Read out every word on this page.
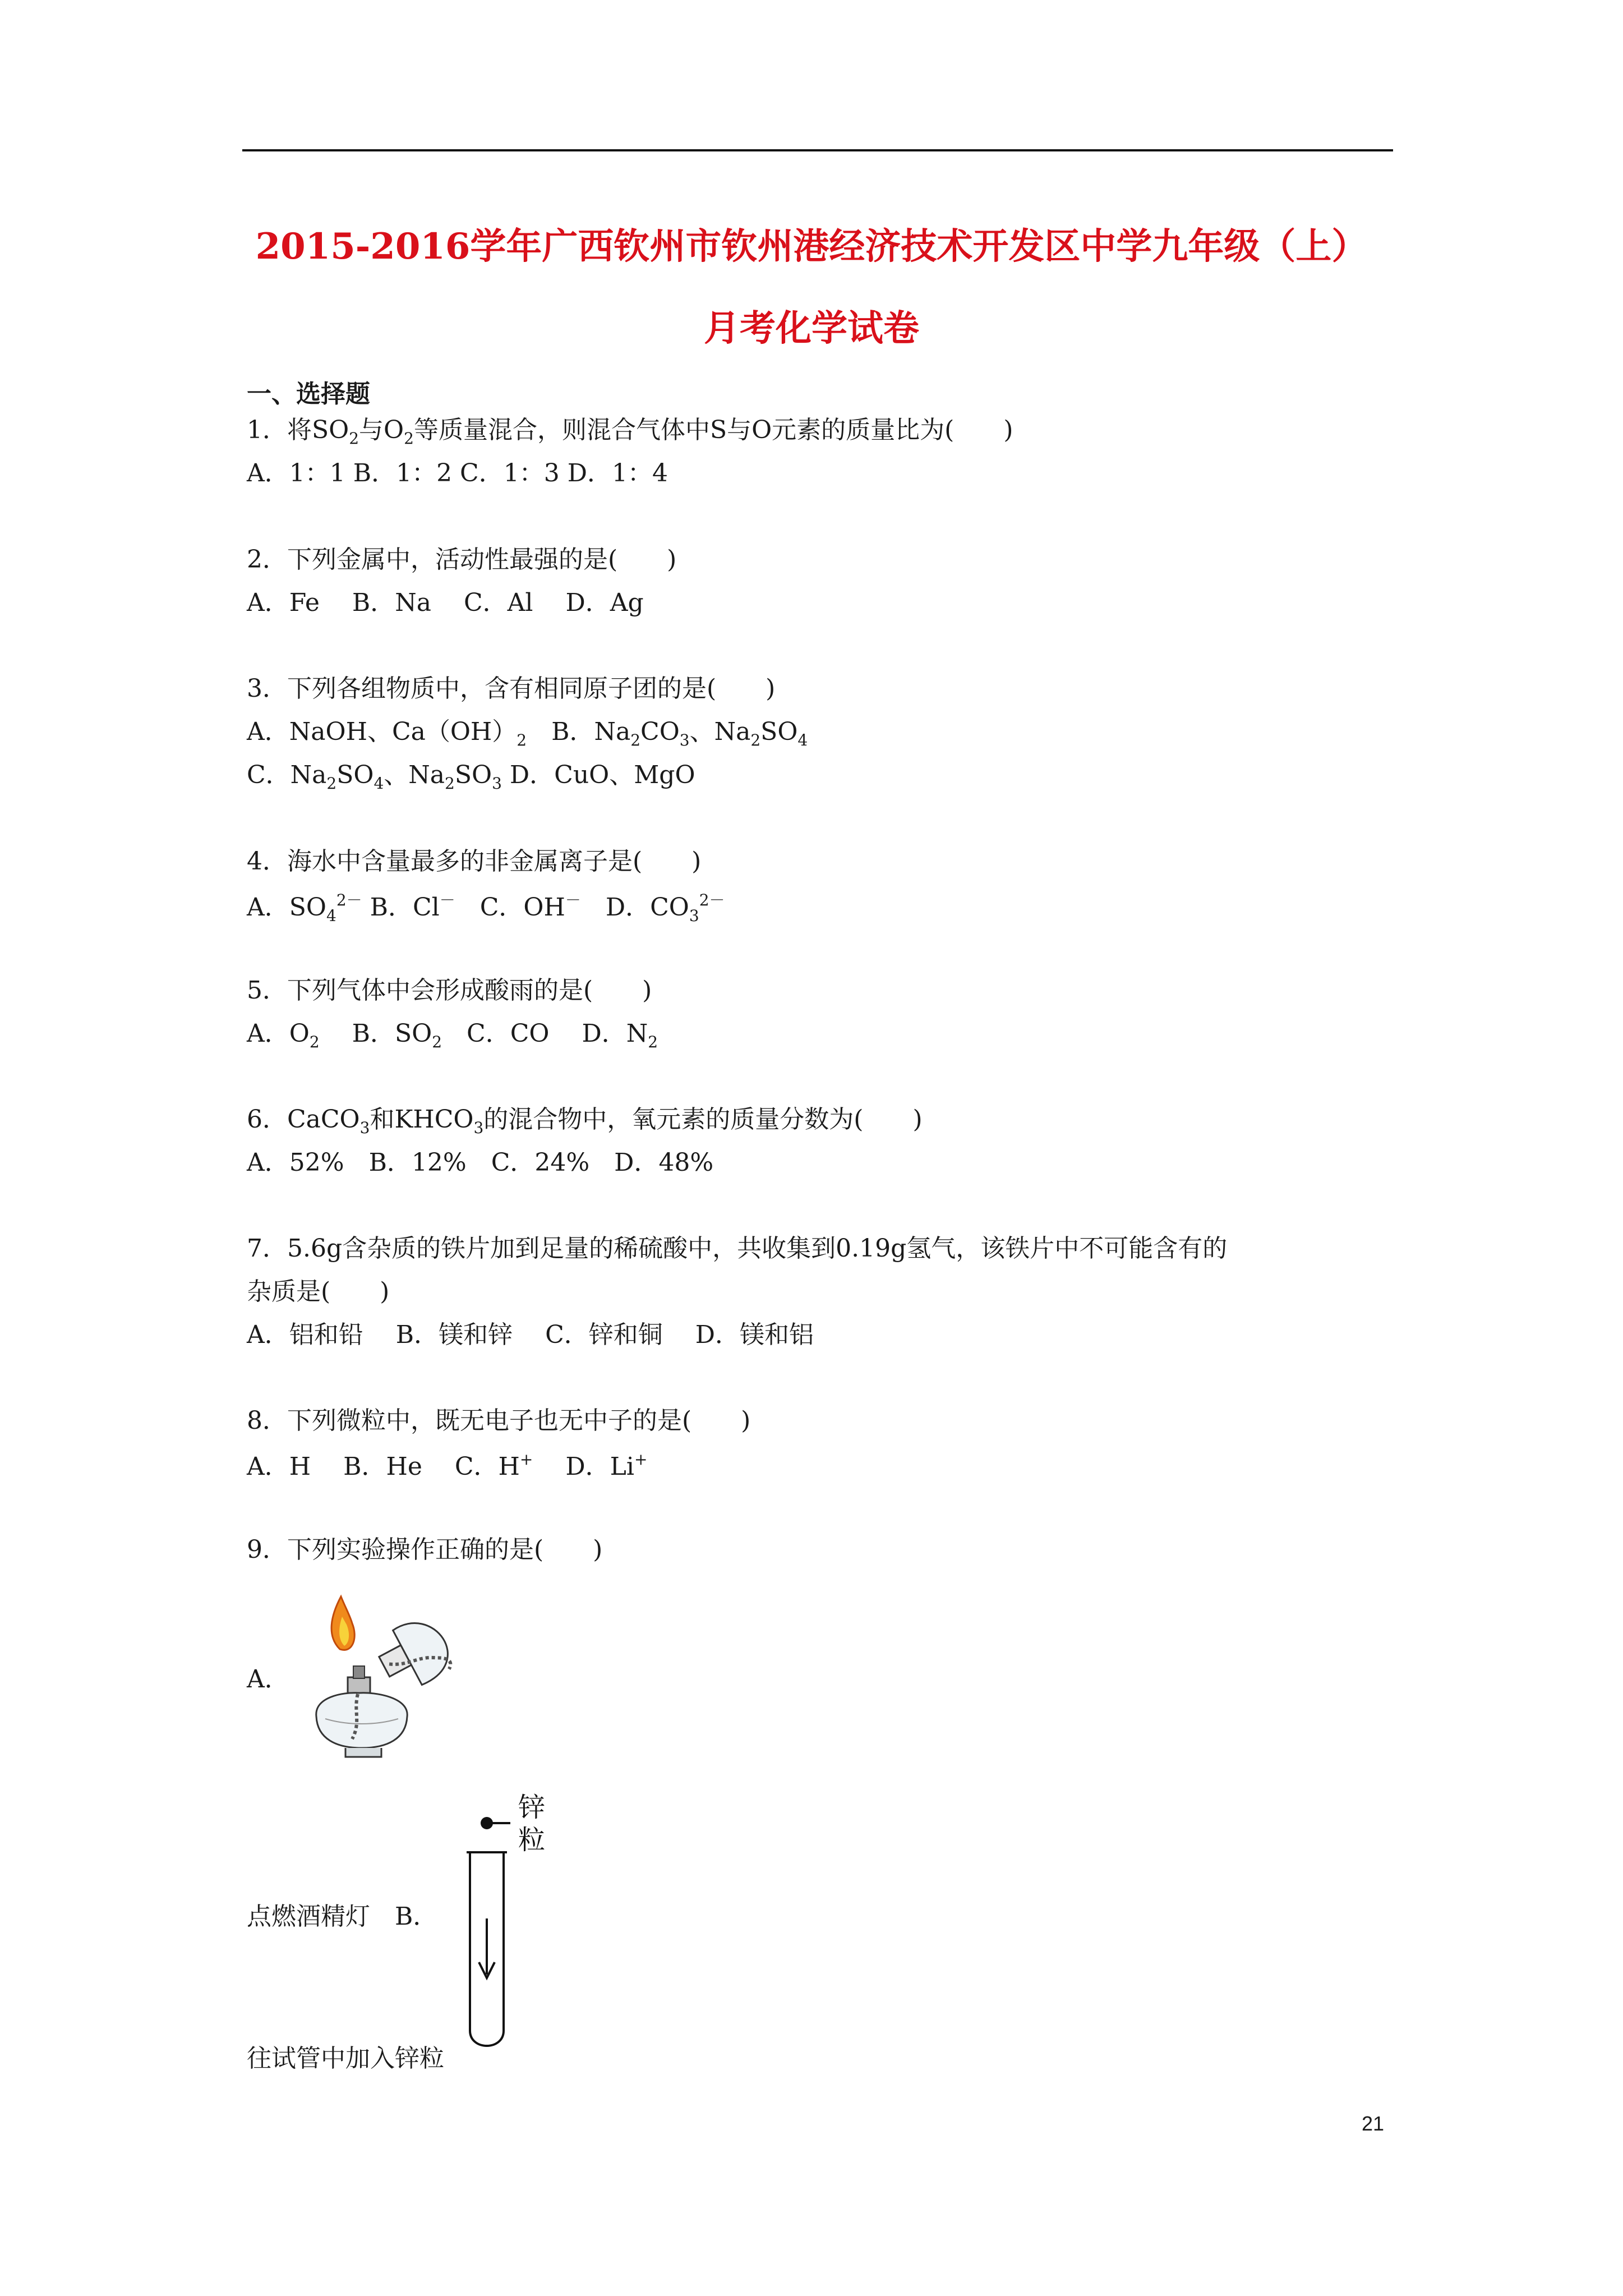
2015-2016学年广西钦州市钦州港经济技术开发区中学九年级（上）
月考化学试卷
一、选择题
1．将$SO_2$与$O_2$等质量混合，则混合气体中S与O元素的质量比为(　　)
A．1：1 B．1：2 C．1：3 D．1：4
2．下列金属中，活动性最强的是(　　)
A．Fe　 B．Na　 C．Al　 D．Ag
3．下列各组物质中，含有相同原子团的是(　　)
A．NaOH、$Ca(OH)_2$　B．$Na_2CO_3$、$Na_2SO_4$
C．$Na_2SO_4$、$Na_2SO_3$ D．CuO、MgO
4．海水中含量最多的非金属离子是(　　)
A．$SO_4^{2-}$ B．Cl－　C．OH－　D．$CO_3^{2-}$
5．下列气体中会形成酸雨的是(　　)
A．$O_2$　 B．$SO_2$　C．CO　 D．$N_2$
6．CaCO$_3$和$KHCO_3$的混合物中，氧元素的质量分数为(　　)
A．52%　B．12%　C．24%　D．48%
7．5.6g含杂质的铁片加到足量的稀硫酸中，共收集到0.19g氢气，该铁片中不可能含有的
杂质是(　　)
A．铝和铅　 B．镁和锌　 C．锌和铜　 D．镁和铝
8．下列微粒中，既无电子也无中子的是(　　)
A．H　 B．He　 C．H+　 D．Li+
9．下列实验操作正确的是(　　)
A．
点燃酒精灯　 B．
锌
粒
往试管中加入锌粒
21
